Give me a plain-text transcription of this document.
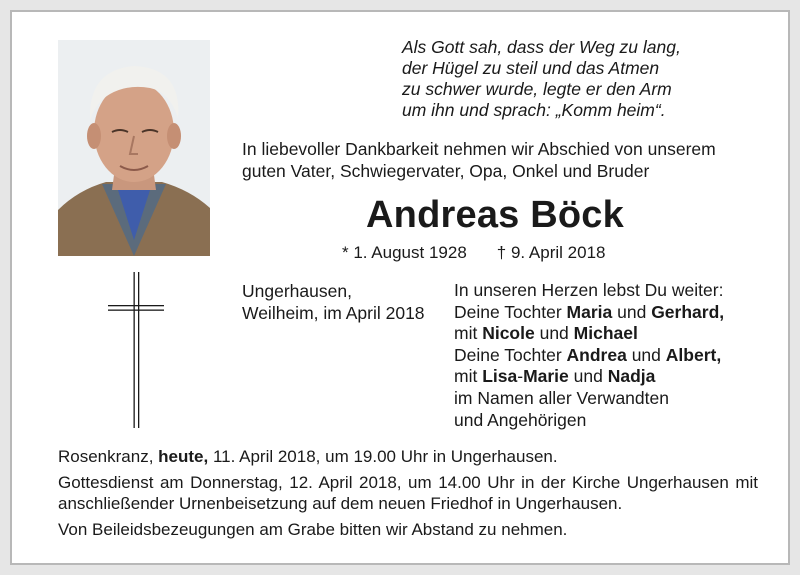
Als Gott sah, dass der Weg zu lang,
der Hügel zu steil und das Atmen
zu schwer wurde, legte er den Arm
um ihn und sprach: „Komm heim“.
In liebevoller Dankbarkeit nehmen wir Abschied von unserem
guten Vater, Schwiegervater, Opa, Onkel und Bruder
Andreas Böck
* 1. August 1928 † 9. April 2018
Ungerhausen,
Weilheim, im April 2018
In unseren Herzen lebst Du weiter:
Deine Tochter Maria und Gerhard,
mit Nicole und Michael
Deine Tochter Andrea und Albert,
mit Lisa-Marie und Nadja
im Namen aller Verwandten
und Angehörigen

Rosenkranz, heute, 11. April 2018, um 19.00 Uhr in Ungerhausen.

Gottesdienst am Donnerstag, 12. April 2018, um 14.00 Uhr in der Kirche Ungerhausen mit anschließender Urnenbeisetzung auf dem neuen Friedhof in Ungerhausen.

Von Beileidsbezeugungen am Grabe bitten wir Abstand zu nehmen.
